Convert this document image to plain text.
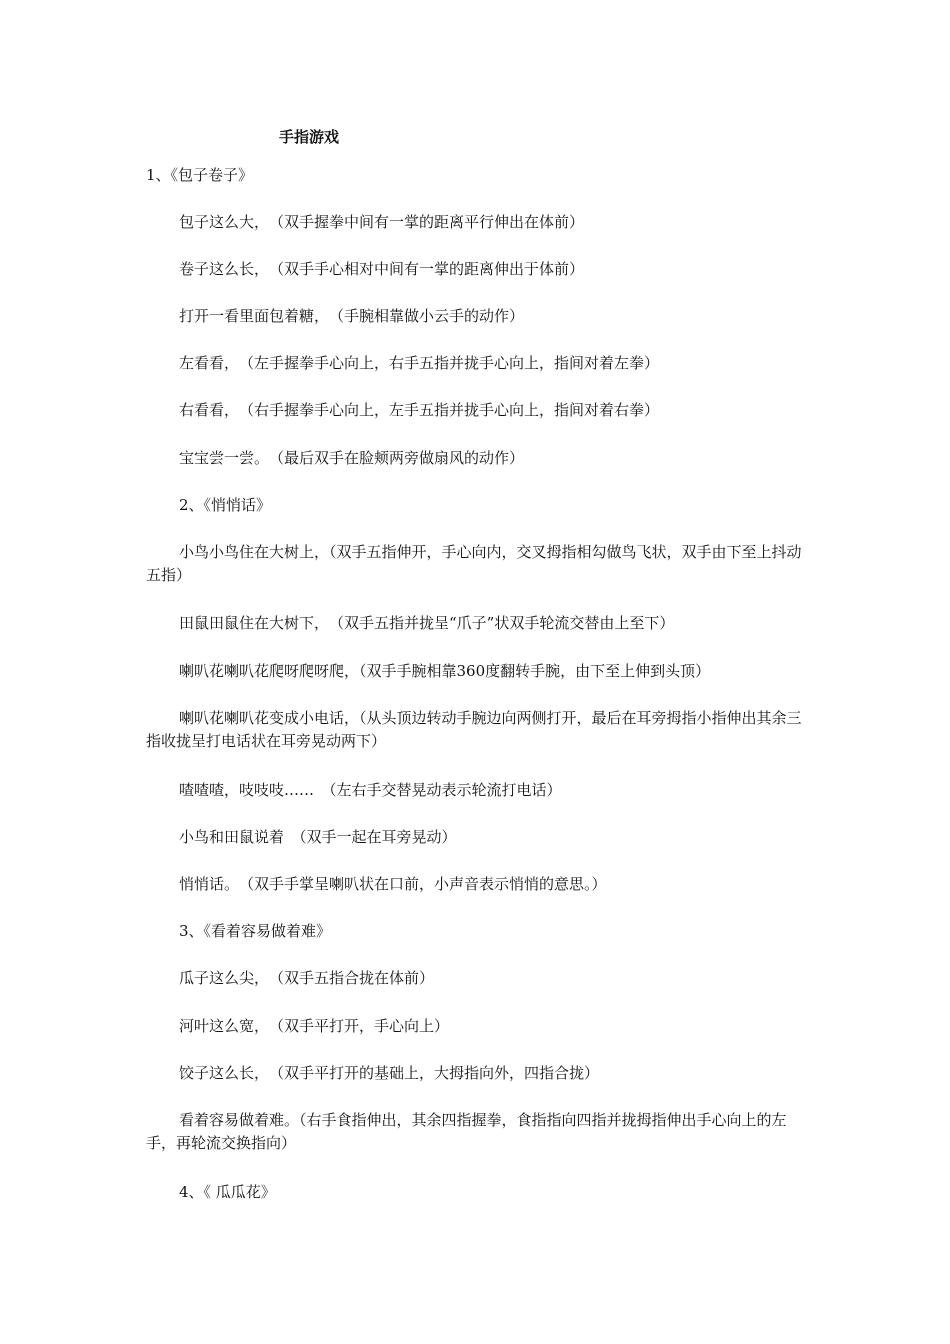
手指游戏
1、《包子卷子》
包子这么大，　（双手握拳中间有一掌的距离平行伸出在体前）
卷子这么长，　（双手手心相对中间有一掌的距离伸出于体前）
打开一看里面包着糖，　（手腕相靠做小云手的动作）
左看看，　（左手握拳手心向上，右手五指并拢手心向上，指间对着左拳）
右看看，　（右手握拳手心向上，左手五指并拢手心向上，指间对着右拳）
宝宝尝一尝。　（最后双手在脸颊两旁做扇风的动作）
2、《悄悄话》
小鸟小鸟住在大树上，（双手五指伸开，手心向内，交叉拇指相勾做鸟飞状，双手由下至上抖动五指）
田鼠田鼠住在大树下，　（双手五指并拢呈“爪子”状双手轮流交替由上至下）
喇叭花喇叭花爬呀爬呀爬，（双手手腕相靠360度翻转手腕，由下至上伸到头顶）
喇叭花喇叭花变成小电话，（从头顶边转动手腕边向两侧打开，最后在耳旁拇指小指伸出其余三指收拢呈打电话状在耳旁晃动两下）
喳喳喳，吱吱吱……　（左右手交替晃动表示轮流打电话）
小鸟和田鼠说着　（双手一起在耳旁晃动）
悄悄话。　（双手手掌呈喇叭状在口前，小声音表示悄悄的意思。）
3、《看着容易做着难》
瓜子这么尖，　（双手五指合拢在体前）
河叶这么宽，　（双手平打开，手心向上）
饺子这么长，　（双手平打开的基础上，大拇指向外，四指合拢）
看着容易做着难。（右手食指伸出，其余四指握拳，食指指向四指并拢拇指伸出手心向上的左手，再轮流交换指向）
4、《 瓜瓜花》
